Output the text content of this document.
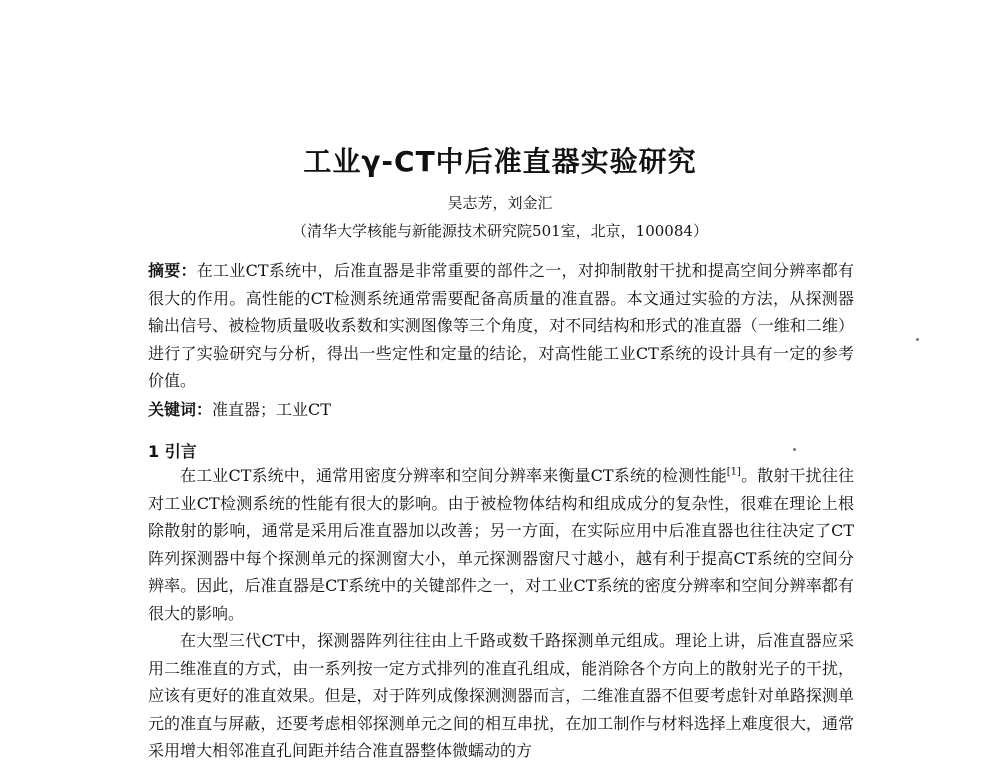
工业γ-CT中后准直器实验研究
吴志芳，刘金汇
（清华大学核能与新能源技术研究院501室，北京，100084）
摘要：在工业CT系统中，后准直器是非常重要的部件之一，对抑制散射干扰和提高空间分辨率都有很大的作用。高性能的CT检测系统通常需要配备高质量的准直器。本文通过实验的方法，从探测器输出信号、被检物质量吸收系数和实测图像等三个角度，对不同结构和形式的准直器（一维和二维）进行了实验研究与分析，得出一些定性和定量的结论，对高性能工业CT系统的设计具有一定的参考价值。
关键词：准直器；工业CT
1 引言

在工业CT系统中，通常用密度分辨率和空间分辨率来衡量CT系统的检测性能[1]。散射干扰往往对工业CT检测系统的性能有很大的影响。由于被检物体结构和组成成分的复杂性，很难在理论上根除散射的影响，通常是采用后准直器加以改善；另一方面，在实际应用中后准直器也往往决定了CT阵列探测器中每个探测单元的探测窗大小，单元探测器窗尺寸越小，越有利于提高CT系统的空间分辨率。因此，后准直器是CT系统中的关键部件之一，对工业CT系统的密度分辨率和空间分辨率都有很大的影响。

在大型三代CT中，探测器阵列往往由上千路或数千路探测单元组成。理论上讲，后准直器应采用二维准直的方式，由一系列按一定方式排列的准直孔组成，能消除各个方向上的散射光子的干扰，应该有更好的准直效果。但是，对于阵列成像探测测器而言，二维准直器不但要考虑针对单路探测单元的准直与屏蔽，还要考虑相邻探测单元之间的相互串扰，在加工制作与材料选择上难度很大，通常采用增大相邻准直孔间距并结合准直器整体微蠕动的方
